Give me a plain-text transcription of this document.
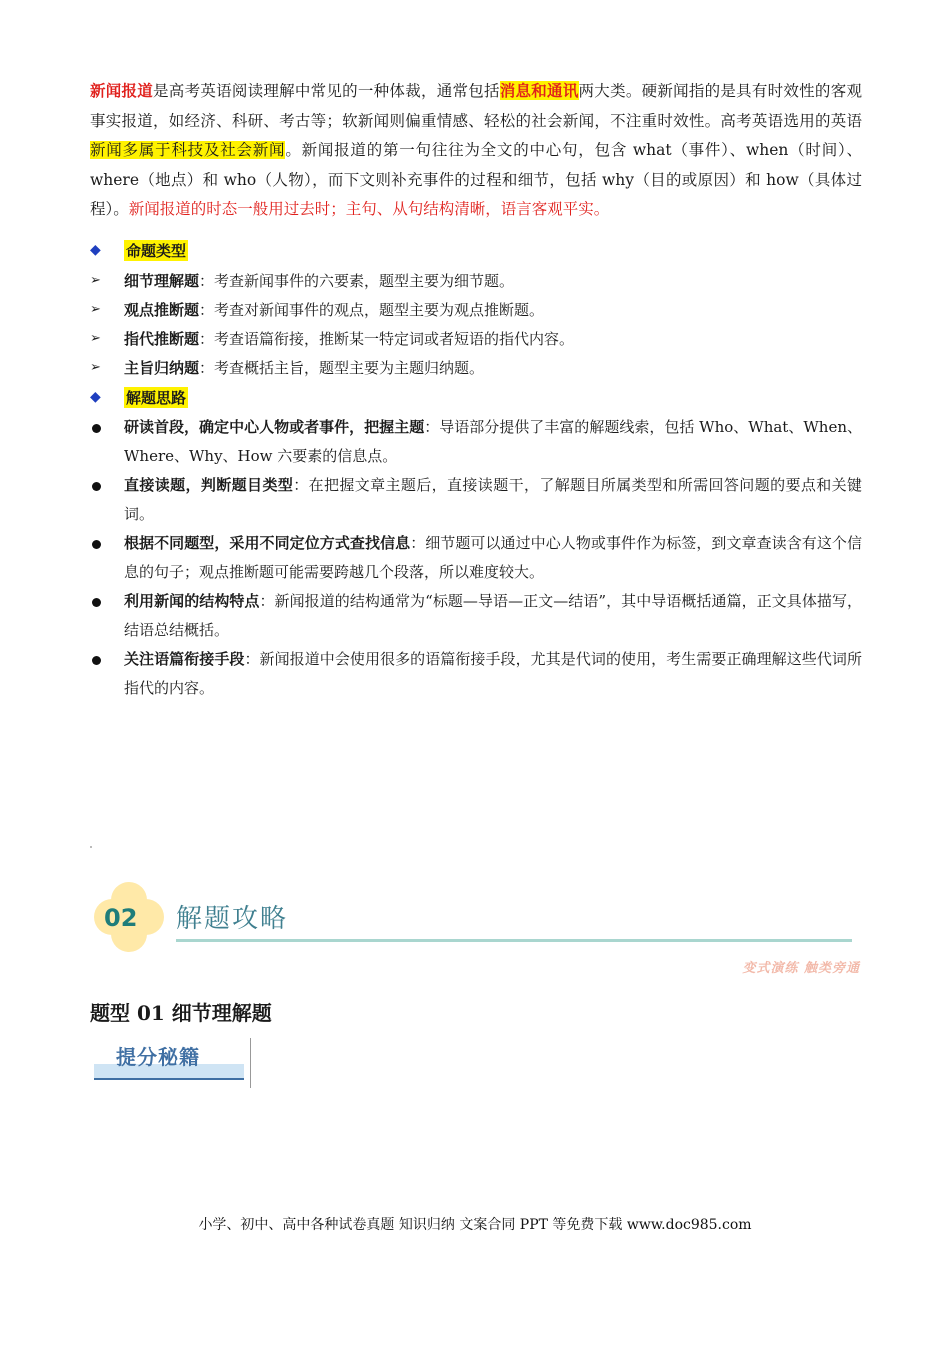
新闻报道是高考英语阅读理解中常见的一种体裁，通常包括消息和通讯两大类。硬新闻指的是具有时效性的客观事实报道，如经济、科研、考古等；软新闻则偏重情感、轻松的社会新闻，不注重时效性。高考英语选用的英语新闻多属于科技及社会新闻。新闻报道的第一句往往为全文的中心句，包含 what（事件）、when（时间）、where（地点）和 who（人物），而下文则补充事件的过程和细节，包括 why（目的或原因）和 how（具体过程）。新闻报道的时态一般用过去时；主句、从句结构清晰，语言客观平实。

◆	命题类型
➢	细节理解题 ：考查新闻事件的六要素，题型主要为细节题。
➢	观点推断题 ：考查对新闻事件的观点，题型主要为观点推断题。
➢	指代推断题 ：考查语篇衔接，推断某一特定词或者短语的指代内容。
➢	主旨归纳题 ：考查概括主旨，题型主要为主题归纳题。
◆	解题思路
研读首段，确定中心人物或者事件，把握主题：导语部分提供了丰富的解题线索，包括 Who、What、When、Where、Why、How 六要素的信息点。
直接读题，判断题目类型：在把握文章主题后，直接读题干，了解题目所属类型和所需回答问题的要点和关键词。
根据不同题型，采用不同定位方式查找信息：细节题可以通过中心人物或事件作为标签，到文章查读含有这个信息的句子；观点推断题可能需要跨越几个段落，所以难度较大。
利用新闻的结构特点：新闻报道的结构通常为“标题—导语—正文—结语”，其中导语概括通篇，正文具体描写，结语总结概括。
关注语篇衔接手段：新闻报道中会使用很多的语篇衔接手段，尤其是代词的使用，考生需要正确理解这些代词所指代的内容。
02 解题攻略
变式演练 触类旁通
题型 01 细节理解题
提分秘籍
小学、初中、高中各种试卷真题 知识归纳 文案合同 PPT 等免费下载 www.doc985.com
